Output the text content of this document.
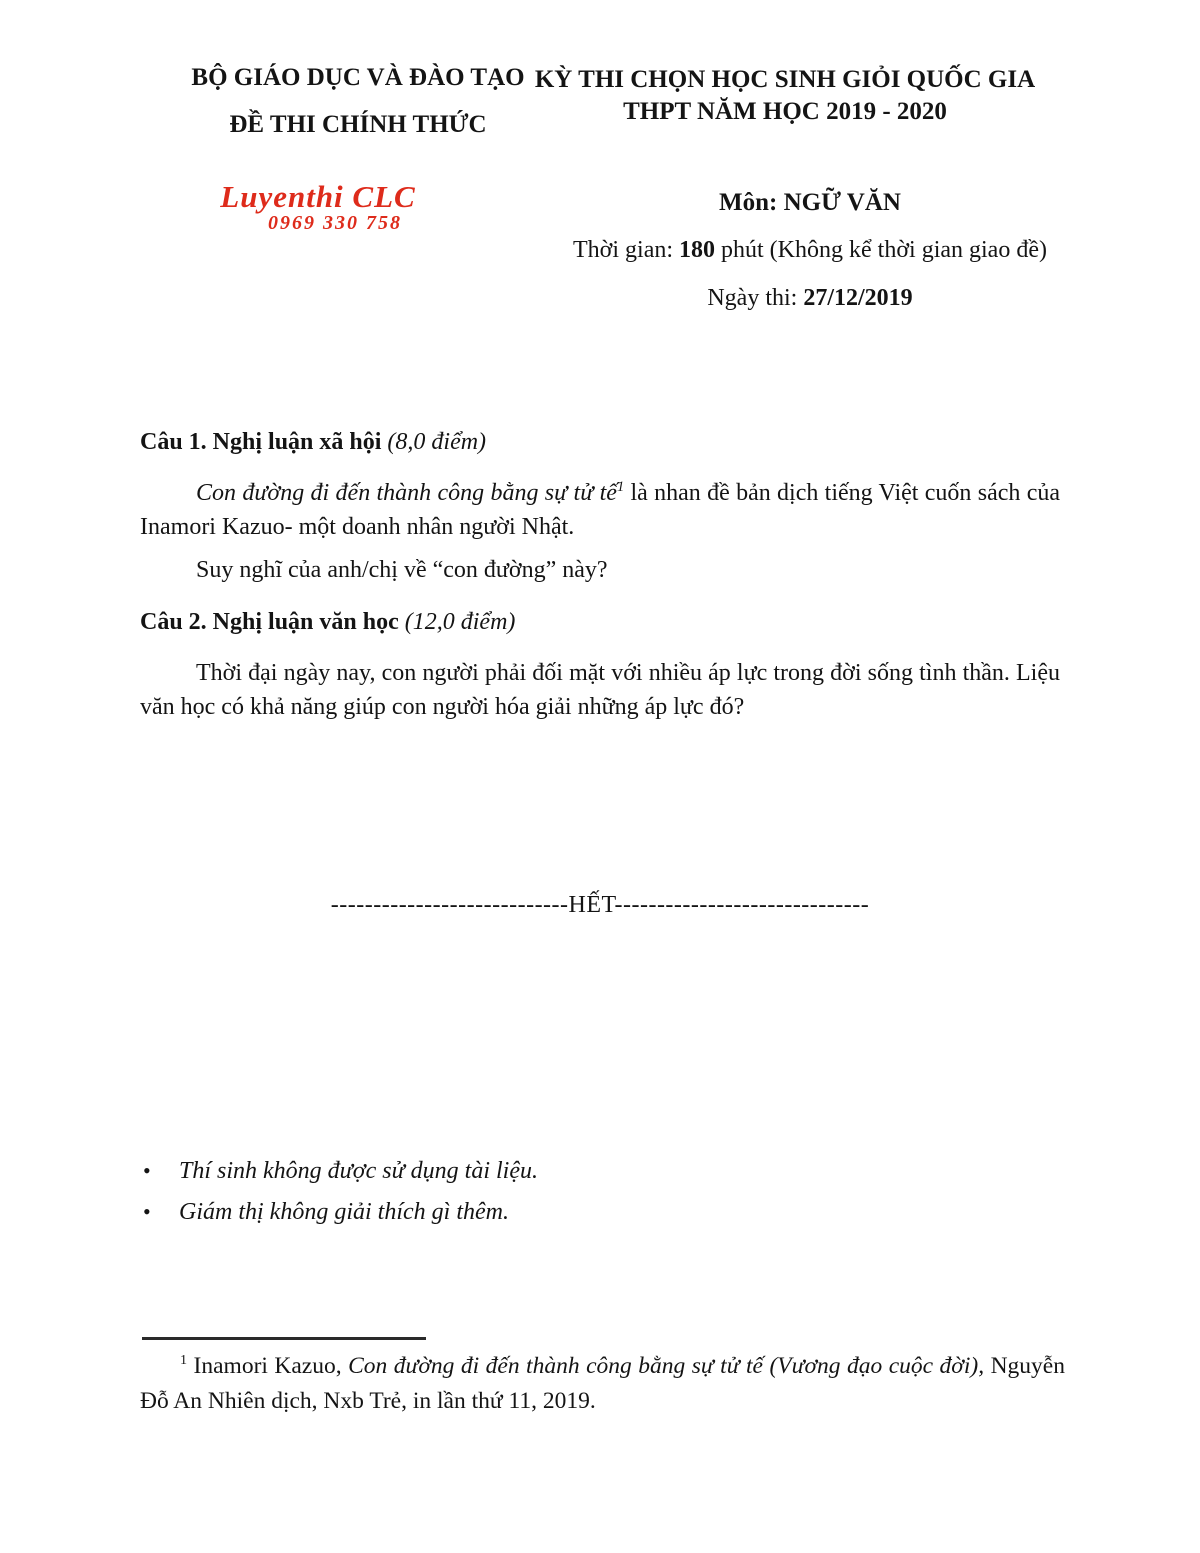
BỘ GIÁO DỤC VÀ ĐÀO TẠO
ĐỀ THI CHÍNH THỨC
KỲ THI CHỌN HỌC SINH GIỎI QUỐC GIA
THPT NĂM HỌC 2019 - 2020
Luyenthi CLC
0969 330 758
Môn: NGỮ VĂN
Thời gian: 180 phút (Không kể thời gian giao đề)
Ngày thi: 27/12/2019
Câu 1. Nghị luận xã hội (8,0 điểm)
Con đường đi đến thành công bằng sự tử tế$^1$ là nhan đề bản dịch tiếng Việt cuốn sách của Inamori Kazuo- một doanh nhân người Nhật.
Suy nghĩ của anh/chị về “con đường” này?
Câu 2. Nghị luận văn học (12,0 điểm)
Thời đại ngày nay, con người phải đối mặt với nhiều áp lực trong đời sống tình thần. Liệu văn học có khả năng giúp con người hóa giải những áp lực đó?
----------------------------HẾT------------------------------
•	Thí sinh không được sử dụng tài liệu.
•	Giám thị không giải thích gì thêm.
$^1$ Inamori Kazuo, Con đường đi đến thành công bằng sự tử tế (Vương đạo cuộc đời), Nguyễn Đỗ An Nhiên dịch, Nxb Trẻ, in lần thứ 11, 2019.
